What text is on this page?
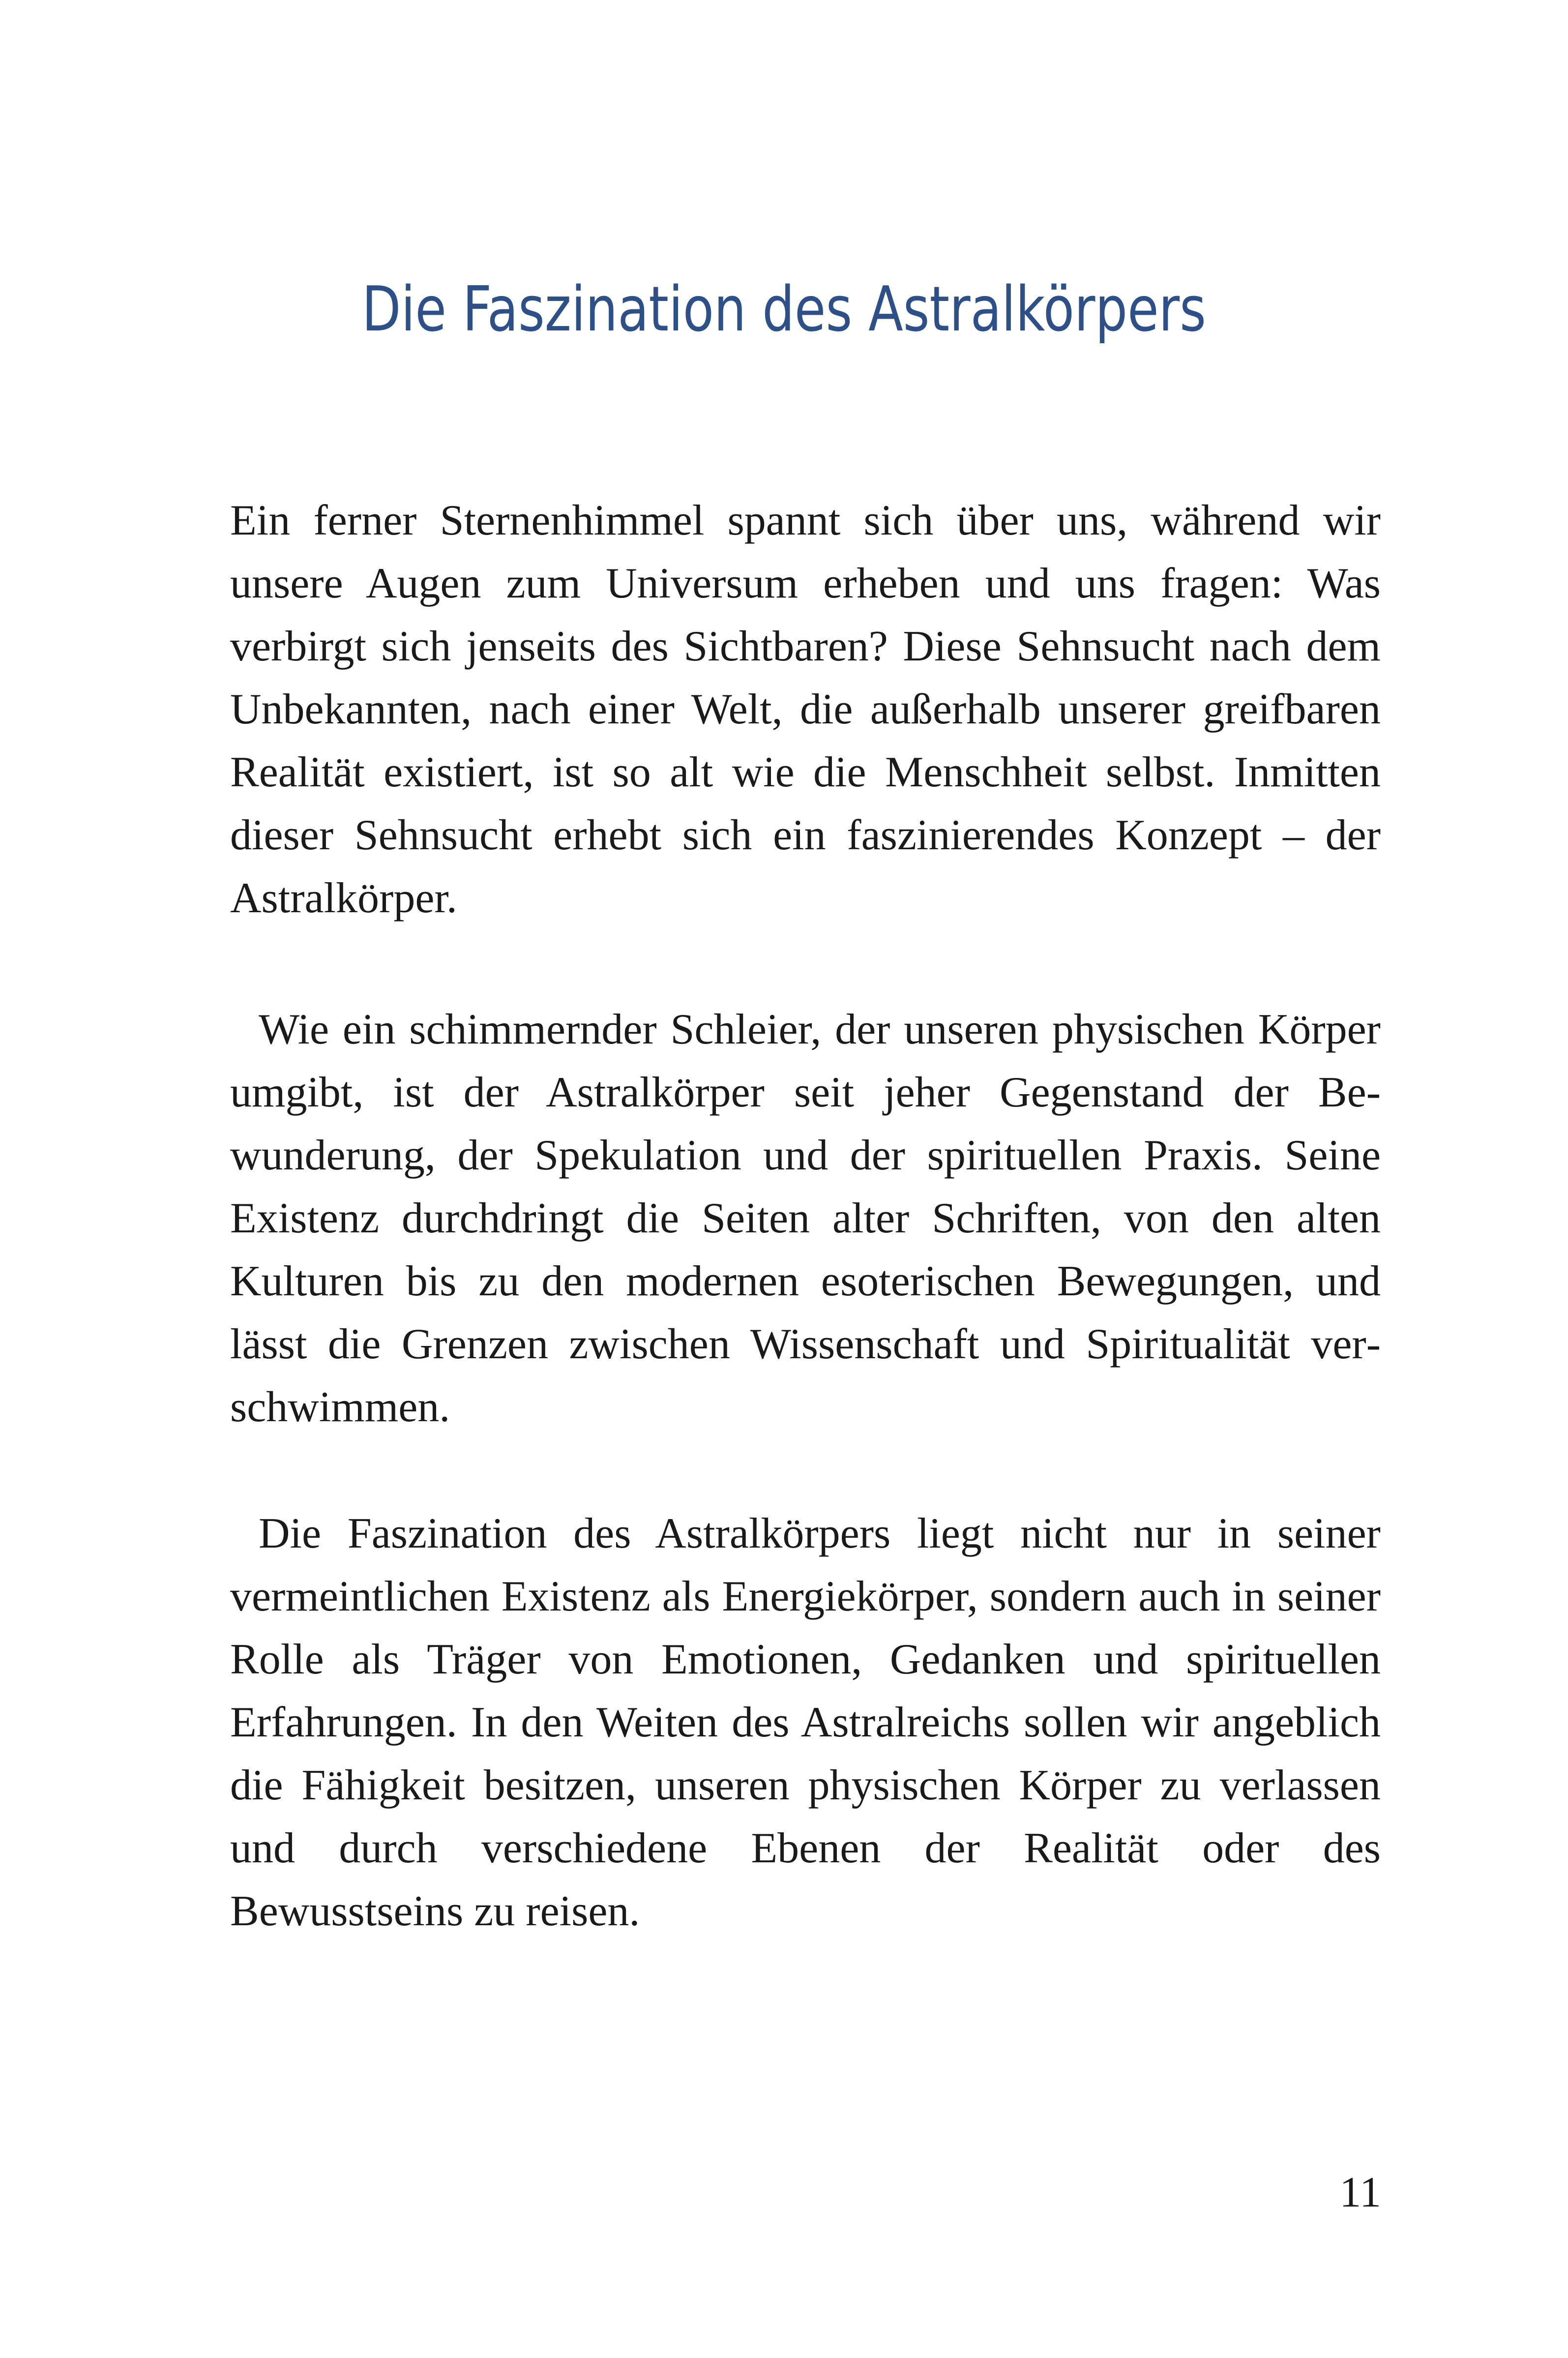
Die Faszination des Astralkörpers

Ein ferner Sternenhimmel spannt sich über uns, während wir unsere Augen zum Universum erheben und uns fragen: Was verbirgt sich jenseits des Sichtbaren? Diese Sehnsucht nach dem Unbekannten, nach einer Welt, die außerhalb unserer greifbaren Realität existiert, ist so alt wie die Menschheit selbst. Inmitten dieser Sehnsucht erhebt sich ein faszinierendes Konzept – der Astralkörper.

Wie ein schimmernder Schleier, der unseren physischen Körper umgibt, ist der Astralkörper seit jeher Gegenstand der Bewunderung, der Spekulation und der spirituellen Praxis. Seine Existenz durchdringt die Seiten alter Schriften, von den alten Kulturen bis zu den modernen esoterischen Bewegungen, und lässt die Grenzen zwischen Wissenschaft und Spiritualität verschwimmen.

Die Faszination des Astralkörpers liegt nicht nur in seiner vermeintlichen Existenz als Energiekörper, sondern auch in seiner Rolle als Träger von Emotionen, Gedanken und spirituellen Erfahrungen. In den Weiten des Astralreichs sollen wir angeblich die Fähigkeit besitzen, unseren physischen Körper zu verlassen und durch verschiedene Ebenen der Realität oder des Bewusstseins zu reisen.

11
